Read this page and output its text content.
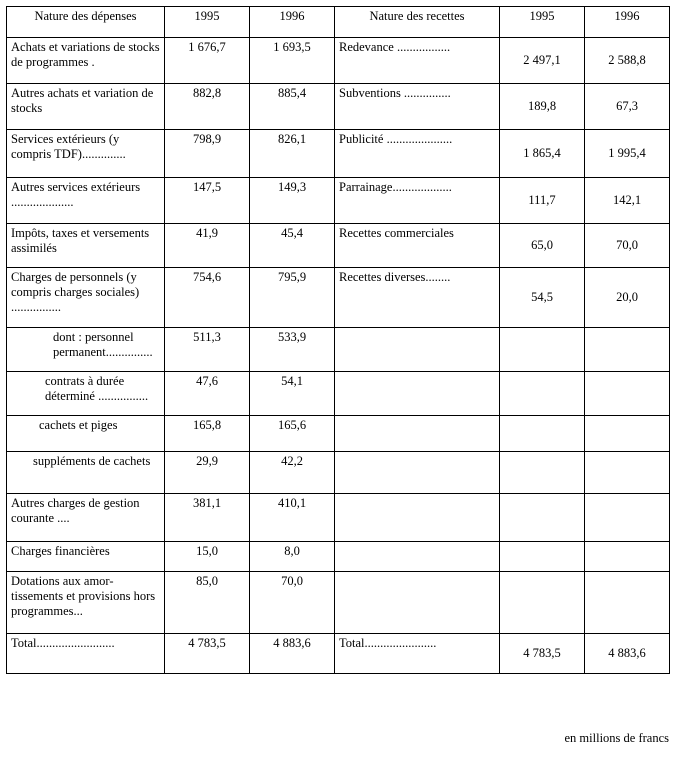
Nature des dépenses	1995	1996	Nature des recettes	1995	1996

Achats et variations de stocks de programmes .	1 676,7	1 693,5	Redevance .................	2 497,1	2 588,8

Autres achats et variation de stocks	882,8	885,4	Subventions ...............	189,8	67,3

Services extérieurs (y compris TDF)..............	798,9	826,1	Publicité .....................	1 865,4	1 995,4

Autres services extérieurs ....................	147,5	149,3	Parrainage...................	111,7	142,1

Impôts, taxes et versements assimilés	41,9	45,4	Recettes commerciales	65,0	70,0

Charges de personnels (y compris charges sociales) ................	754,6	795,9	Recettes diverses........	54,5	20,0

dont : personnel permanent...............	511,3	533,9	

contrats à durée déterminé ................	47,6	54,1	

cachets et piges	165,8	165,6	

suppléments de cachets	29,9	42,2	

Autres charges de gestion courante ....	381,1	410,1	

Charges financières	15,0	8,0	

Dotations aux amor-tissements et provisions hors programmes...	85,0	70,0	

Total.........................	4 783,5	4 883,6	Total.......................	4 783,5	4 883,6
en millions de francs
